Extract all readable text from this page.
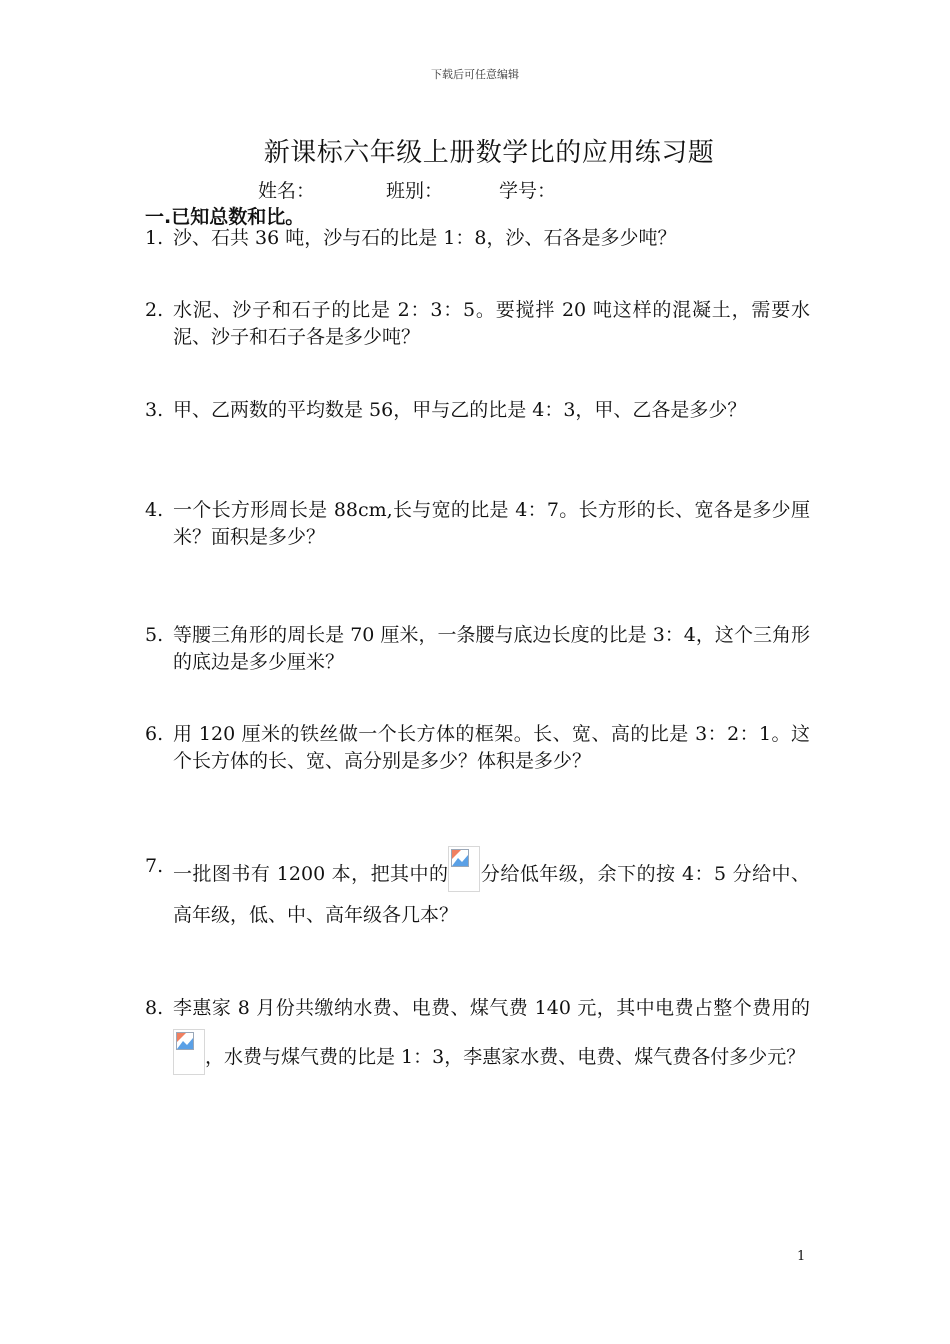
下载后可任意编辑
新课标六年级上册数学比的应用练习题
姓名：	班别：	学号：
一.已知总数和比。
1. 沙、石共 36 吨，沙与石的比是 1：8，沙、石各是多少吨？
2. 水泥、沙子和石子的比是 2：3：5。要搅拌 20 吨这样的混凝土，需要水泥、沙子和石子各是多少吨？
3. 甲、乙两数的平均数是 56，甲与乙的比是 4：3，甲、乙各是多少？
4. 一个长方形周长是 88cm,长与宽的比是 4：7。长方形的长、宽各是多少厘米？面积是多少？
5. 等腰三角形的周长是 70 厘米，一条腰与底边长度的比是 3：4，这个三角形的底边是多少厘米？
6. 用 120 厘米的铁丝做一个长方体的框架。长、宽、高的比是 3：2：1。这个长方体的长、宽、高分别是多少？体积是多少？
7. 一批图书有 1200 本，把其中的 分给低年级，余下的按 4：5 分给中、高年级，低、中、高年级各几本？
8. 李惠家 8 月份共缴纳水费、电费、煤气费 140 元，其中电费占整个费用的
，水费与煤气费的比是 1：3，李惠家水费、电费、煤气费各付多少元？
1
